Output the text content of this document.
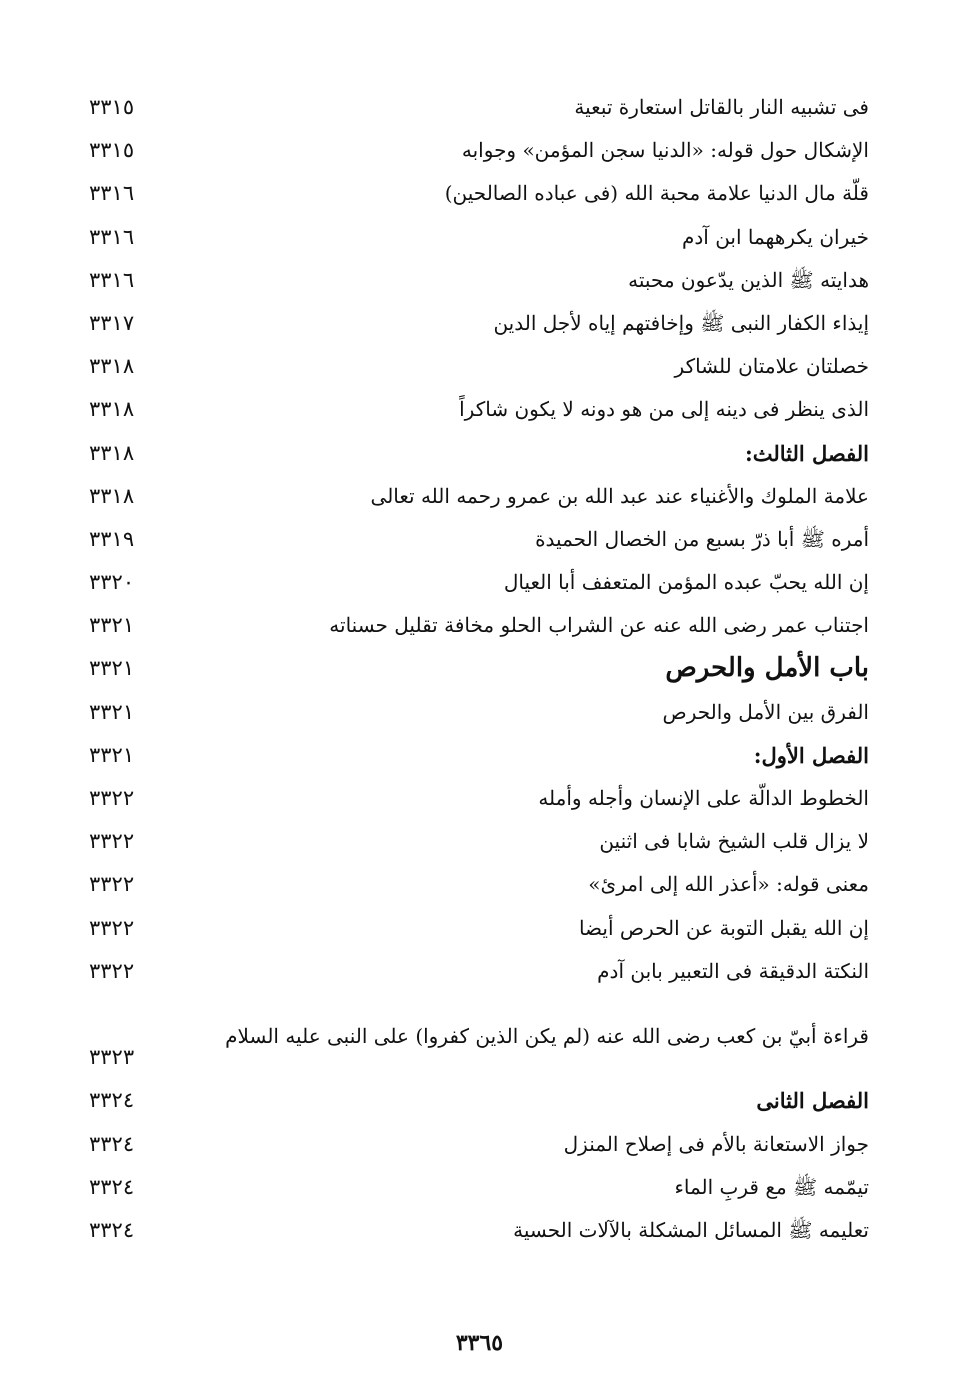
فى تشبيه النار بالقاتل استعارة تبعية
٣٣١٥
الإشكال حول قوله: «الدنيا سجن المؤمن» وجوابه
٣٣١٥
قلّة مال الدنيا علامة محبة الله (فى عباده الصالحين)
٣٣١٦
خيران يكرههما ابن آدم
٣٣١٦
هدايته ﷺ الذين يدّعون محبته
٣٣١٦
إيذاء الكفار النبى ﷺ وإخافتهم إياه لأجل الدين
٣٣١٧
خصلتان علامتان للشاكر
٣٣١٨
الذى ينظر فى دينه إلى من هو دونه لا يكون شاكراً
٣٣١٨
الفصل الثالث:
٣٣١٨
علامة الملوك والأغنياء عند عبد الله بن عمرو رحمه الله تعالى
٣٣١٨
أمره ﷺ أبا ذرّ بسبع من الخصال الحميدة
٣٣١٩
إن الله يحبّ عبده المؤمن المتعفف أبا العيال
٣٣٢٠
اجتناب عمر رضى الله عنه عن الشراب الحلو مخافة تقليل حسناته
٣٣٢١
باب الأمل والحرص
٣٣٢١
الفرق بين الأمل والحرص
٣٣٢١
الفصل الأول:
٣٣٢١
الخطوط الدالّة على الإنسان وأجله وأمله
٣٣٢٢
لا يزال قلب الشيخ شابا فى اثنين
٣٣٢٢
معنى قوله: «أعذر الله إلى امرئ»
٣٣٢٢
إن الله يقبل التوبة عن الحرص أيضا
٣٣٢٢
النكتة الدقيقة فى التعبير بابن آدم
٣٣٢٢
قراءة أبيّ بن كعب رضى الله عنه (لم يكن الذين كفروا) على النبى عليه السلام
٣٣٢٣
الفصل الثانى
٣٣٢٤
جواز الاستعانة بالأم فى إصلاح المنزل
٣٣٢٤
تيمّمه ﷺ مع قربِ الماء
٣٣٢٤
تعليمه ﷺ المسائل المشكلة بالآلات الحسية
٣٣٢٤
٣٣٦٥
